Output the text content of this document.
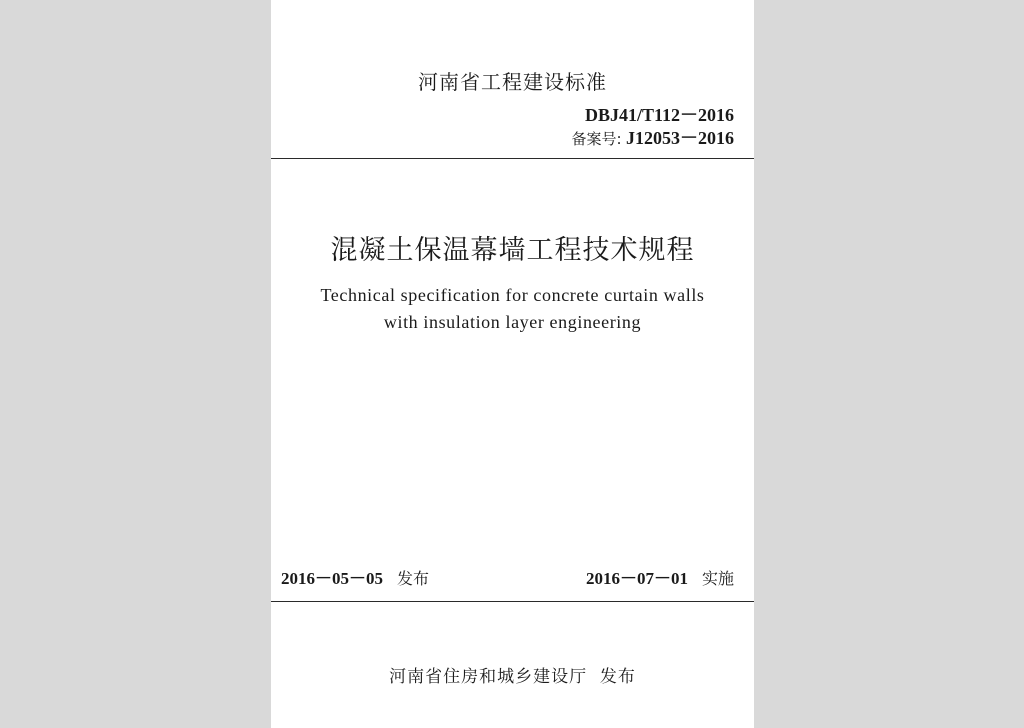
河南省工程建设标准
DBJ41/T112－2016
备案号: J12053－2016
混凝土保温幕墙工程技术规程
Technical specification for concrete curtain walls
with insulation layer engineering
2016－05－05 发布	2016－07－01 实施
河南省住房和城乡建设厅  发布
